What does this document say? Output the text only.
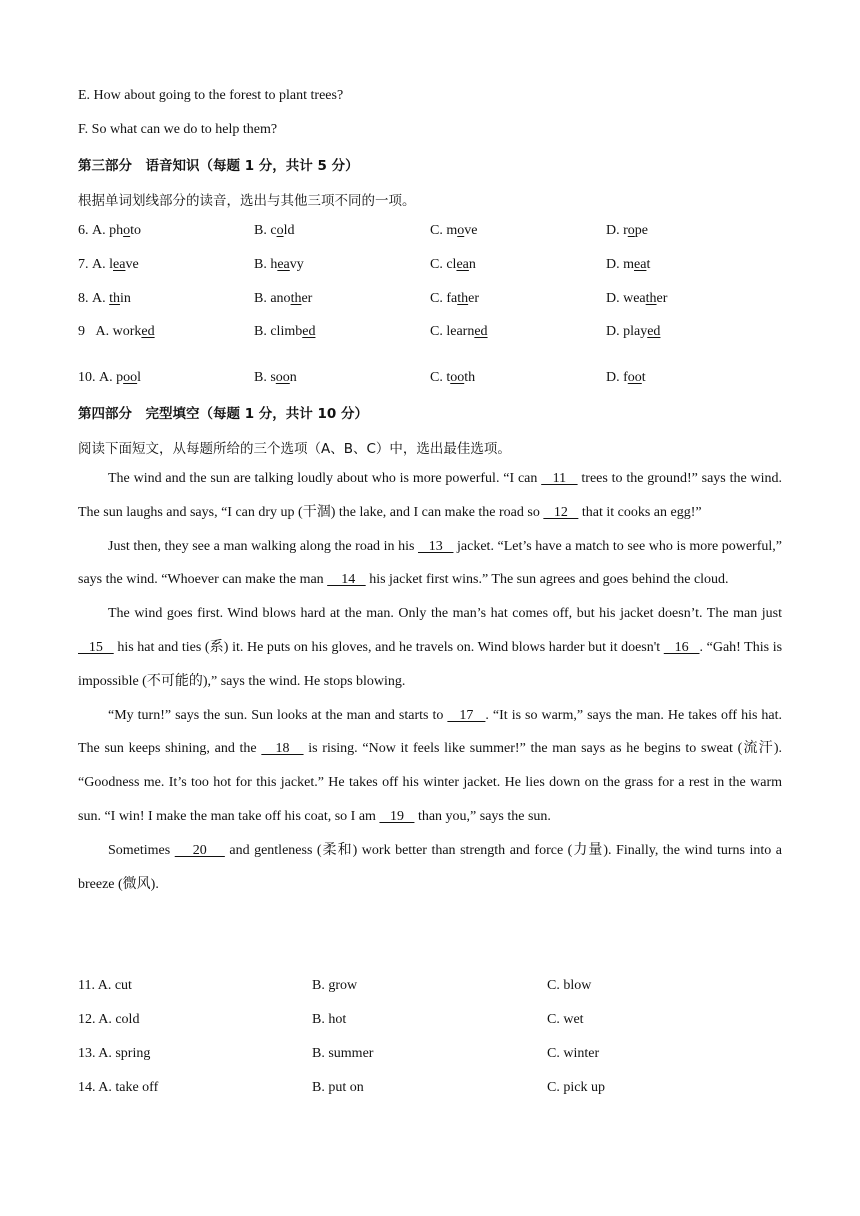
E. How about going to the forest to plant trees?
F. So what can we do to help them?
第三部分　语音知识（每题 1 分，共计 5 分）
根据单词划线部分的读音，选出与其他三项不同的一项。
6. A. photo	B. cold	C. move	D. rope
7. A. leave	B. heavy	C. clean	D. meat
8. A. thin	B. another	C. father	D. weather
9   A. worked	B. climbed	C. learned	D. played
10. A. pool	B. soon	C. tooth	D. foot
第四部分　完型填空（每题 1 分，共计 10 分）
阅读下面短文，从每题所给的三个选项（A、B、C）中，选出最佳选项。

The wind and the sun are talking loudly about who is more powerful. “I can    11    trees to the ground!” says the wind. The sun laughs and says, “I can dry up (干涸) the lake, and I can make the road so    12    that it cooks an egg!”

Just then, they see a man walking along the road in his    13    jacket. “Let’s have a match to see who is more powerful,” says the wind. “Whoever can make the man     14    his jacket first wins.” The sun agrees and goes behind the cloud.

The wind goes first. Wind blows hard at the man. Only the man’s hat comes off, but his jacket doesn’t. The man just    15    his hat and ties (系) it. He puts on his gloves, and he travels on. Wind blows harder but it doesn't    16   . “Gah! This is impossible (不可能的),” says the wind. He stops blowing.

“My turn!” says the sun. Sun looks at the man and starts to    17   . “It is so warm,” says the man. He takes off his hat. The sun keeps shining, and the    18    is rising. “Now it feels like summer!” the man says as he begins to sweat (流汗). “Goodness me. It’s too hot for this jacket.” He takes off his winter jacket. He lies down on the grass for a rest in the warm sun. “I win! I make the man take off his coat, so I am    19    than you,” says the sun.

Sometimes     20     and gentleness (柔和) work better than strength and force (力量). Finally, the wind turns into a breeze (微风).

11. A. cut	B. grow	C. blow
12. A. cold	B. hot	C. wet
13. A. spring	B. summer	C. winter
14. A. take off	B. put on	C. pick up
